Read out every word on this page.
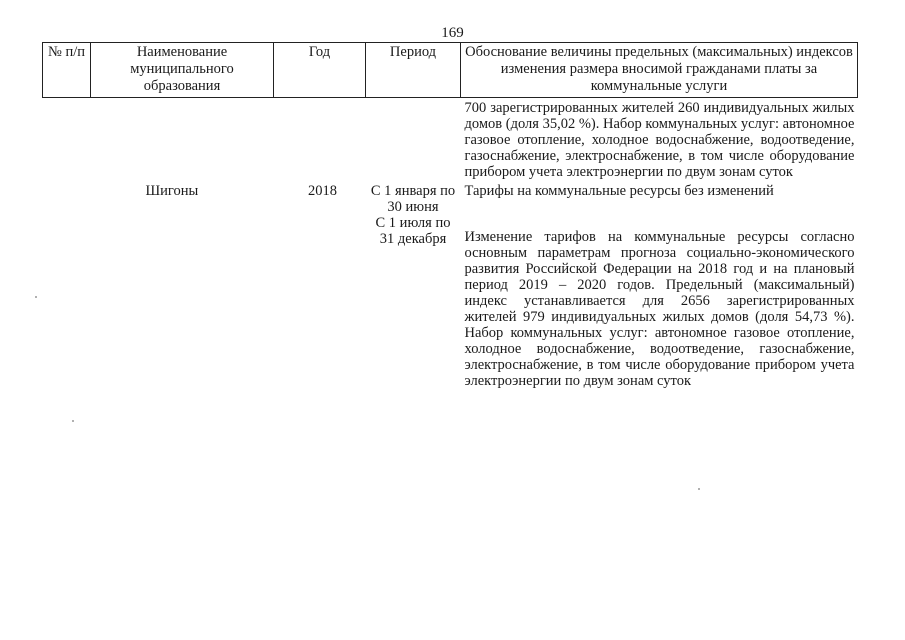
169
№ п/п	Наименование муниципального образования	Год	Период	Обоснование величины предельных (максимальных) индексов изменения размера вносимой гражданами платы за коммунальные услуги
				700 зарегистрированных жителей 260 индивидуальных жилых домов (доля 35,02 %). Набор коммунальных услуг: автономное газовое отопление, холодное водоснабжение, водоотведение, газоснабжение, электроснабжение, в том числе оборудование прибором учета электроэнергии по двум зонам суток
	Шигоны	2018	С 1 января по 30 июня	Тарифы на коммунальные ресурсы без изменений
			С 1 июля по 31 декабря	Изменение тарифов на коммунальные ресурсы согласно основным параметрам прогноза социально-экономического развития Российской Федерации на 2018 год и на плановый период 2019 – 2020 годов. Предельный (максимальный) индекс устанавливается для 2656 зарегистрированных жителей 979 индивидуальных жилых домов (доля 54,73 %). Набор коммунальных услуг: автономное газовое отопление, холодное водоснабжение, водоотведение, газоснабжение, электроснабжение, в том числе оборудование прибором учета электроэнергии по двум зонам суток
